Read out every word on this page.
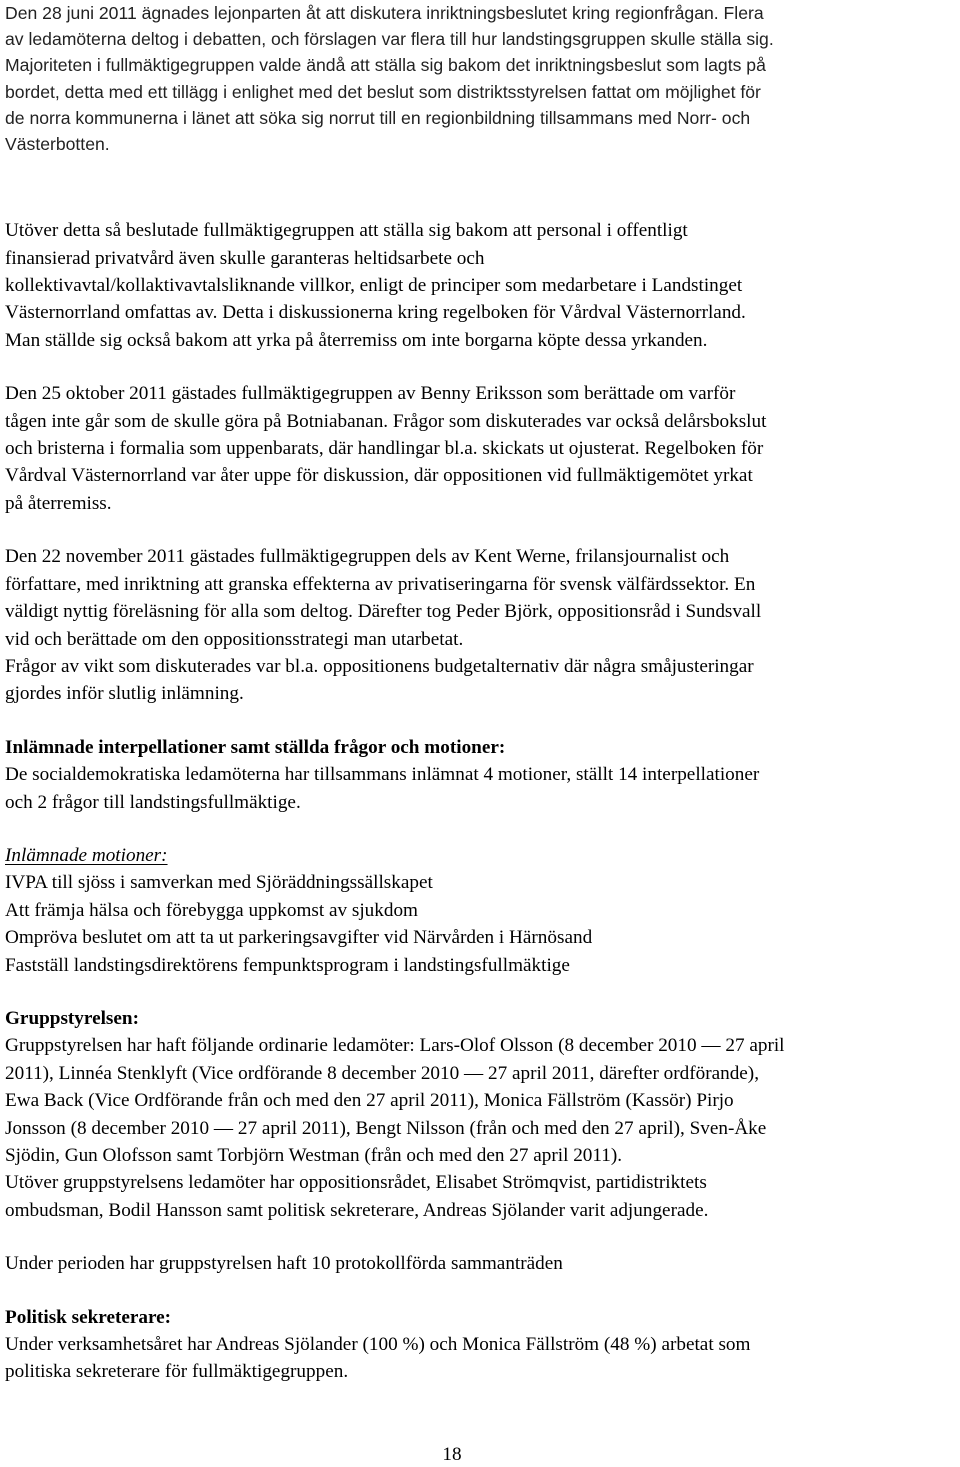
Den 28 juni 2011 ägnades lejonparten åt att diskutera inriktningsbeslutet kring regionfrågan. Flera

av ledamöterna deltog i debatten, och förslagen var flera till hur landstingsgruppen skulle ställa sig.

Majoriteten i fullmäktigegruppen valde ändå att ställa sig bakom det inriktningsbeslut som lagts på

bordet, detta med ett tillägg i enlighet med det beslut som distriktsstyrelsen fattat om möjlighet för

de norra kommunerna i länet att söka sig norrut till en regionbildning tillsammans med Norr- och

Västerbotten.

Utöver detta så beslutade fullmäktigegruppen att ställa sig bakom att personal i offentligt

finansierad privatvård även skulle garanteras heltidsarbete och

kollektivavtal/kollaktivavtalsliknande villkor, enligt de principer som medarbetare i Landstinget

Västernorrland omfattas av. Detta i diskussionerna kring regelboken för Vårdval Västernorrland.

Man ställde sig också bakom att yrka på återremiss om inte borgarna köpte dessa yrkanden.

Den 25 oktober 2011 gästades fullmäktigegruppen av Benny Eriksson som berättade om varför

tågen inte går som de skulle göra på Botniabanan. Frågor som diskuterades var också delårsbokslut

och bristerna i formalia som uppenbarats, där handlingar bl.a. skickats ut ojusterat. Regelboken för

Vårdval Västernorrland var åter uppe för diskussion, där oppositionen vid fullmäktigemötet yrkat

på återremiss.

Den 22 november 2011 gästades fullmäktigegruppen dels av Kent Werne, frilansjournalist och

författare, med inriktning att granska effekterna av privatiseringarna för svensk välfärdssektor. En

väldigt nyttig föreläsning för alla som deltog. Därefter tog Peder Björk, oppositionsråd i Sundsvall

vid och berättade om den oppositionsstrategi man utarbetat.

Frågor av vikt som diskuterades var bl.a. oppositionens budgetalternativ där några småjusteringar

gjordes inför slutlig inlämning.

Inlämnade interpellationer samt ställda frågor och motioner:

De socialdemokratiska ledamöterna har tillsammans inlämnat 4 motioner, ställt 14 interpellationer

och 2 frågor till landstingsfullmäktige.

Inlämnade motioner:

IVPA till sjöss i samverkan med Sjöräddningssällskapet

Att främja hälsa och förebygga uppkomst av sjukdom

Ompröva beslutet om att ta ut parkeringsavgifter vid Närvården i Härnösand

Fastställ landstingsdirektörens fempunktsprogram i landstingsfullmäktige

Gruppstyrelsen:

Gruppstyrelsen har haft följande ordinarie ledamöter: Lars-Olof Olsson (8 december 2010 — 27 april

2011), Linnéa Stenklyft (Vice ordförande 8 december 2010 — 27 april 2011, därefter ordförande),

Ewa Back (Vice Ordförande från och med den 27 april 2011), Monica Fällström (Kassör) Pirjo

Jonsson (8 december 2010 — 27 april 2011), Bengt Nilsson (från och med den 27 april), Sven-Åke

Sjödin, Gun Olofsson samt Torbjörn Westman (från och med den 27 april 2011).

Utöver gruppstyrelsens ledamöter har oppositionsrådet, Elisabet Strömqvist, partidistriktets

ombudsman, Bodil Hansson samt politisk sekreterare, Andreas Sjölander varit adjungerade.

Under perioden har gruppstyrelsen haft 10 protokollförda sammanträden

Politisk sekreterare:

Under verksamhetsåret har Andreas Sjölander (100 %) och Monica Fällström (48 %) arbetat som

politiska sekreterare för fullmäktigegruppen.

18
